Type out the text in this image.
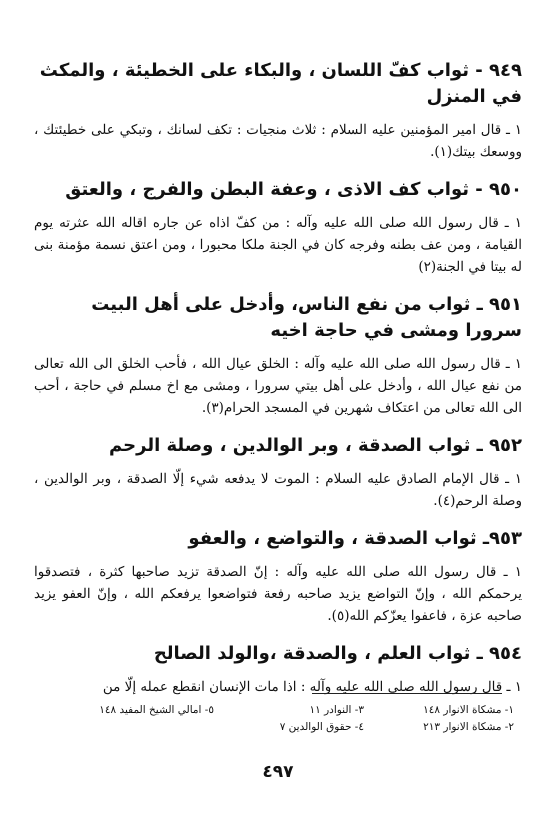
٩٤٩ - ثواب كفّ اللسان ، والبكاء على الخطيئة ، والمكث في المنزل

١ ـ قال امير المؤمنين عليه السلام : ثلاث منجيات : تكف لسانك ، وتبكي على خطيئتك ، ووسعك بيتك(١).

٩٥٠ - ثواب كف الاذى ، وعفة البطن والفرج ، والعتق

١ ـ قال رسول الله صلى الله عليه وآله : من كفّ اذاه عن جاره اقاله الله عثرته يوم القيامة ، ومن عف بطنه وفرجه كان في الجنة ملكا محبورا ، ومن اعتق نسمة مؤمنة بنى له بيتا في الجنة(٢)

٩٥١ ـ ثواب من نفع الناس، وأدخل على أهل البيت سرورا ومشى في حاجة اخيه

١ ـ قال رسول الله صلى الله عليه وآله : الخلق عيال الله ، فأحب الخلق الى الله تعالى من نفع عيال الله ، وأدخل على أهل بيتي سرورا ، ومشى مع اخ مسلم في حاجة ، أحب الى الله تعالى من اعتكاف شهرين في المسجد الحرام(٣).

٩٥٢ ـ ثواب الصدقة ، وبر الوالدين ، وصلة الرحم

١ ـ قال الإمام الصادق عليه السلام : الموت لا يدفعه شيء إلّا الصدقة ، وبر الوالدين ، وصلة الرحم(٤).

٩٥٣ـ ثواب الصدقة ، والتواضع ، والعفو

١ ـ قال رسول الله صلى الله عليه وآله : إنّ الصدقة تزيد صاحبها كثرة ، فتصدقوا يرحمكم الله ، وإنّ التواضع يزيد صاحبه رفعة فتواضعوا يرفعكم الله ، وإنّ العفو يزيد صاحبه عزة ، فاعفوا يعزّكم الله(٥).

٩٥٤ ـ ثواب العلم ، والصدقة ،والولد الصالح

١ ـ قال رسول الله صلى الله عليه وآله : اذا مات الإنسان انقطع عمله إلّا من

١- مشكاة الانوار ١٤٨
٣- النوادر ١١
٥- امالي الشيخ المفيد ١٤٨
٢- مشكاة الانوار ٢١٣
٤- حقوق الوالدين ٧
٤٩٧
